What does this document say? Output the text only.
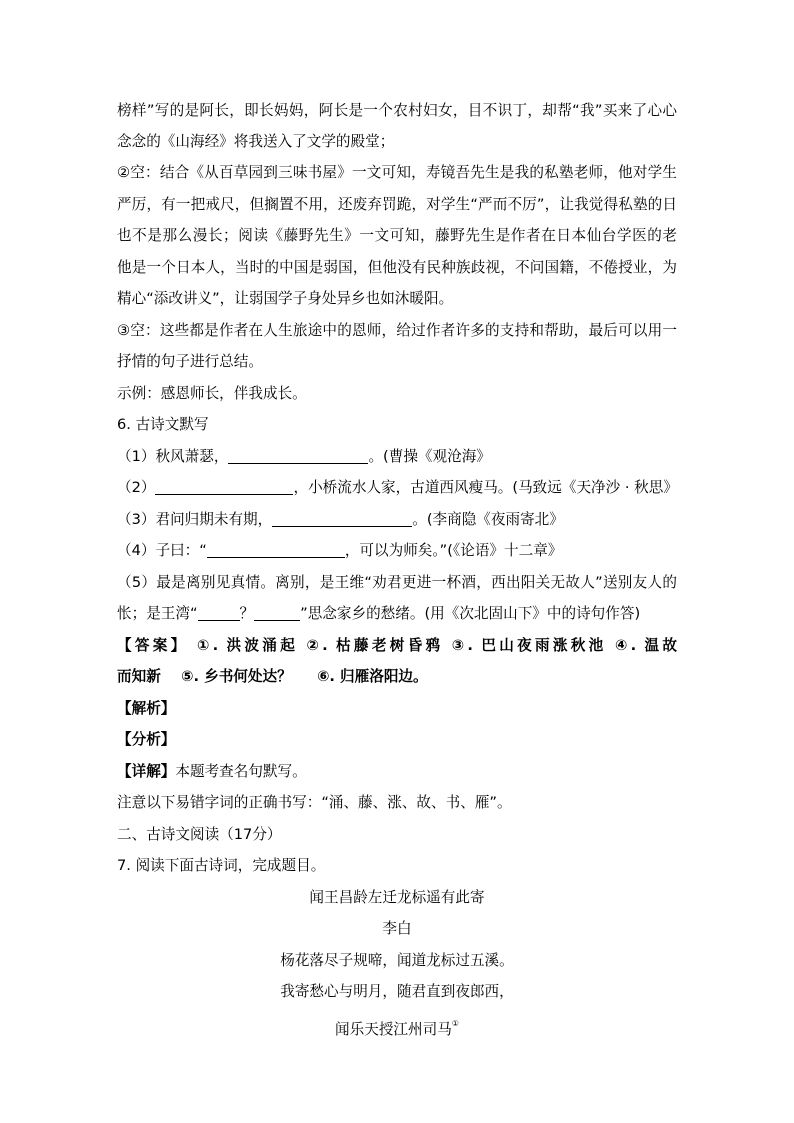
榜样”写的是阿长，即长妈妈，阿长是一个农村妇女，目不识丁，却帮“我”买来了心心
念念的《山海经》将我送入了文学的殿堂；
②空：结合《从百草园到三味书屋》一文可知，寿镜吾先生是我的私塾老师，他对学生
严厉，有一把戒尺，但搁置不用，还废弃罚跪，对学生“严而不厉”，让我觉得私塾的日
也不是那么漫长；阅读《藤野先生》一文可知，藤野先生是作者在日本仙台学医的老
他是一个日本人，当时的中国是弱国，但他没有民种族歧视，不问国籍，不倦授业，为
精心“添改讲义”，让弱国学子身处异乡也如沐暖阳。
③空：这些都是作者在人生旅途中的恩师，给过作者许多的支持和帮助，最后可以用一
抒情的句子进行总结。
示例：感恩师长，伴我成长。
6. 古诗文默写
（1）秋风萧瑟，	。(曹操《观沧海》
（2）	，小桥流水人家，古道西风瘦马。(马致远《天净沙 · 秋思》
（3）君问归期未有期，	。(李商隐《夜雨寄北》
（4）子曰：“	，可以为师矣。”(《论语》十二章》
（5）最是离别见真情。离别，是王维“劝君更进一杯酒，西出阳关无故人”送别友人的
怅；是王湾“	？	”思念家乡的愁绪。(用《次北固山下》中的诗句作答)
【答案】 ①. 洪波涌起 ②. 枯藤老树昏鸦 ③. 巴山夜雨涨秋池 ④. 温故
而知新 ⑤. 乡书何处达？ ⑥. 归雁洛阳边。
【解析】
【分析】
【详解】本题考查名句默写。
注意以下易错字词的正确书写：“涌、藤、涨、故、书、雁”。
二、古诗文阅读（17分）
7. 阅读下面古诗词，完成题目。
闻王昌龄左迁龙标遥有此寄
李白
杨花落尽子规啼，闻道龙标过五溪。
我寄愁心与明月，随君直到夜郎西，
闻乐天授江州司马①
